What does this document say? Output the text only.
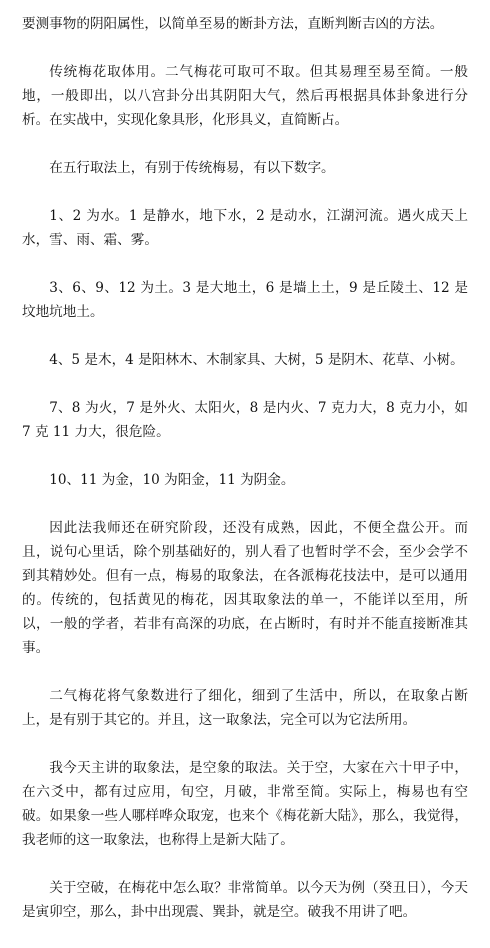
要测事物的阴阳属性，以简单至易的断卦方法，直断判断吉凶的方法。

传统梅花取体用。二气梅花可取可不取。但其易理至易至简。一般地，一般即出，以八宫卦分出其阴阳大气，然后再根据具体卦象进行分析。在实战中，实现化象具形，化形具义，直简断占。

在五行取法上，有别于传统梅易，有以下数字。

1、2 为水。1 是静水，地下水，2 是动水，江湖河流。遇火成天上水，雪、雨、霜、雾。

3、6、9、12 为土。3 是大地土，6 是墙上土，9 是丘陵土、12 是坟地坑地土。

4、5 是木，4 是阳林木、木制家具、大树，5 是阴木、花草、小树。

7、8 为火，7 是外火、太阳火，8 是内火、7 克力大，8 克力小，如 7 克 11 力大，很危险。

10、11 为金，10 为阳金，11 为阴金。

因此法我师还在研究阶段，还没有成熟，因此，不便全盘公开。而且，说句心里话，除个别基础好的，别人看了也暂时学不会，至少会学不到其精妙处。但有一点，梅易的取象法，在各派梅花技法中，是可以通用的。传统的，包括黄见的梅花，因其取象法的单一，不能详以至用，所以，一般的学者，若非有高深的功底，在占断时，有时并不能直接断准其事。

二气梅花将气象数进行了细化，细到了生活中，所以，在取象占断上，是有别于其它的。并且，这一取象法，完全可以为它法所用。

我今天主讲的取象法，是空象的取法。关于空，大家在六十甲子中，在六爻中，都有过应用，旬空，月破，非常至简。实际上，梅易也有空破。如果象一些人哪样哗众取宠，也来个《梅花新大陆》，那么，我觉得，我老师的这一取象法，也称得上是新大陆了。

关于空破，在梅花中怎么取？非常简单。以今天为例（癸丑日），今天是寅卯空，那么，卦中出现震、巽卦，就是空。破我不用讲了吧。
